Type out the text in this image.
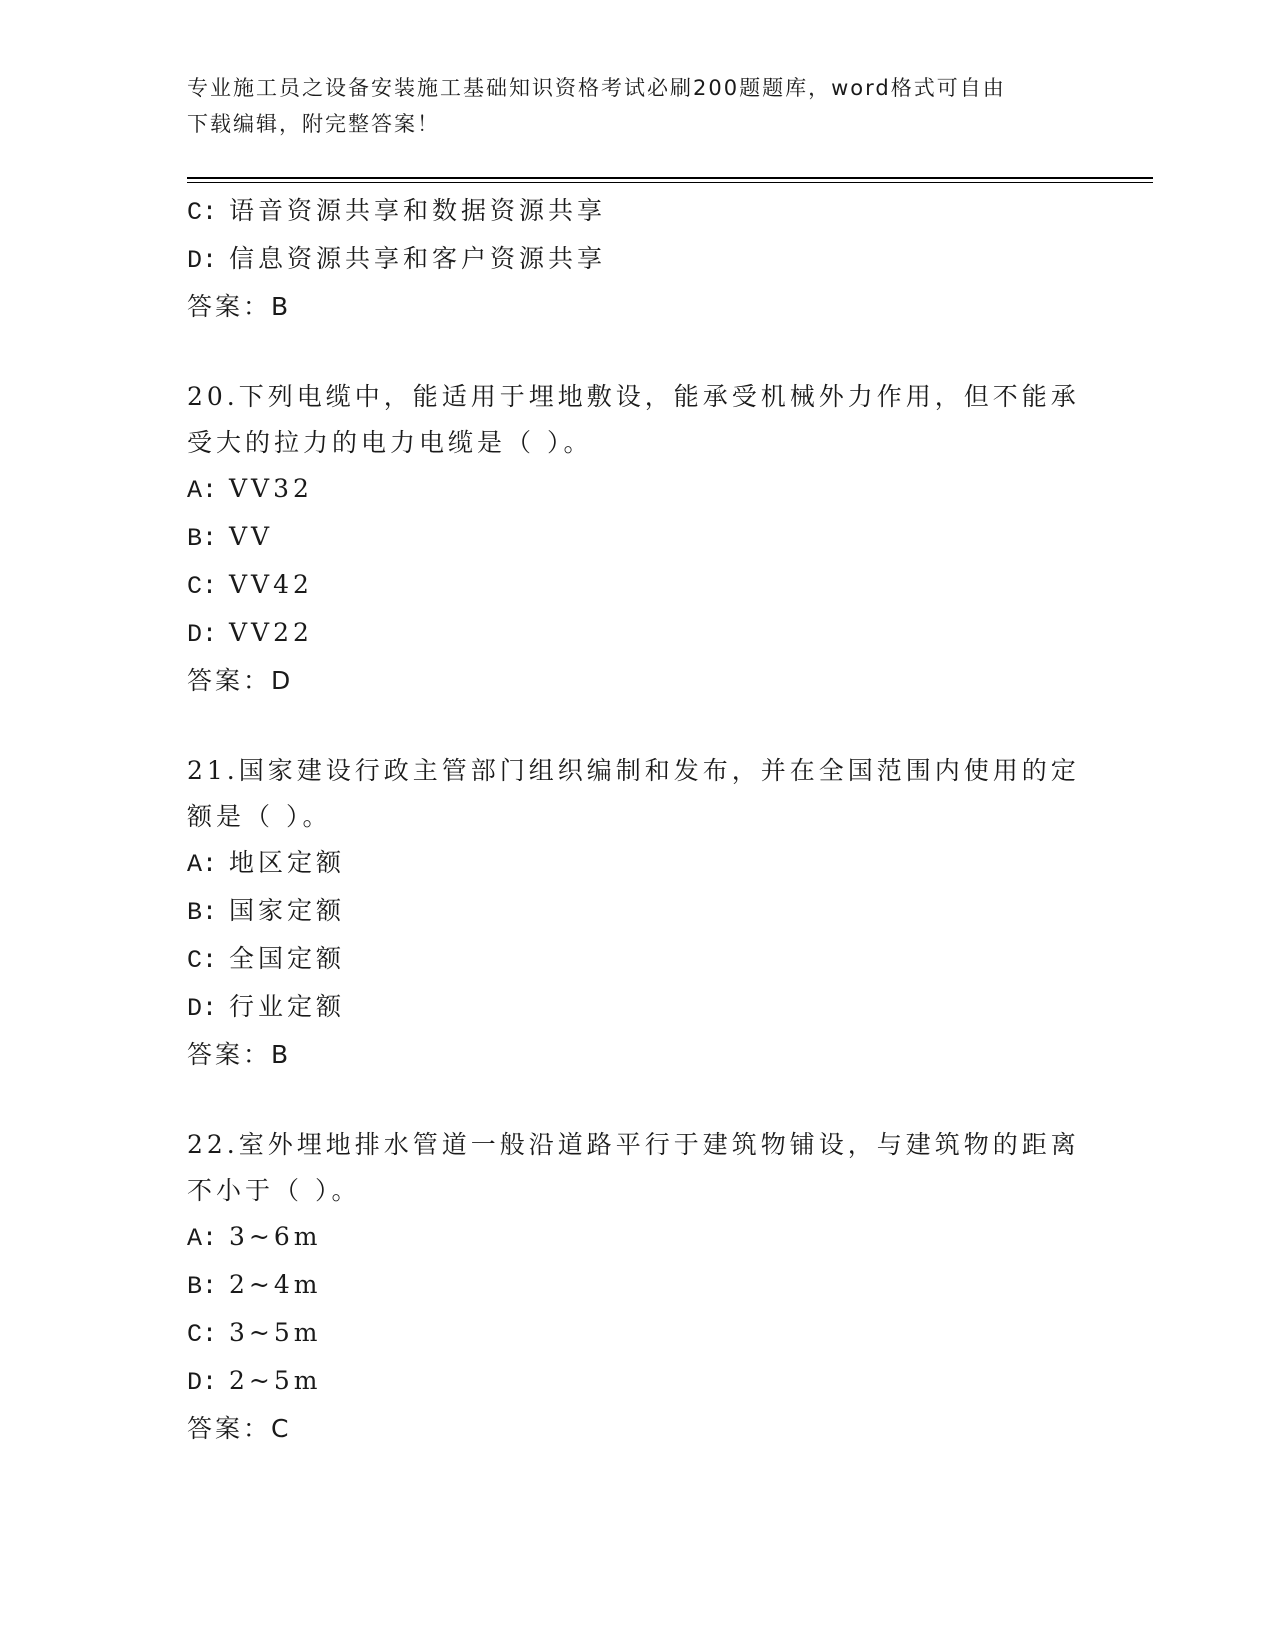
专业施工员之设备安装施工基础知识资格考试必刷200题题库，word格式可自由
下载编辑，附完整答案！
C: 语音资源共享和数据资源共享
D: 信息资源共享和客户资源共享
答案：B
20.下列电缆中，能适用于埋地敷设，能承受机械外力作用，但不能承
受大的拉力的电力电缆是（ ）。
A: VV32
B: VV
C: VV42
D: VV22
答案：D
21.国家建设行政主管部门组织编制和发布，并在全国范围内使用的定
额是（ ）。
A: 地区定额
B: 国家定额
C: 全国定额
D: 行业定额
答案：B
22.室外埋地排水管道一般沿道路平行于建筑物铺设，与建筑物的距离
不小于（ ）。
A: 3~6m
B: 2~4m
C: 3~5m
D: 2~5m
答案：C
